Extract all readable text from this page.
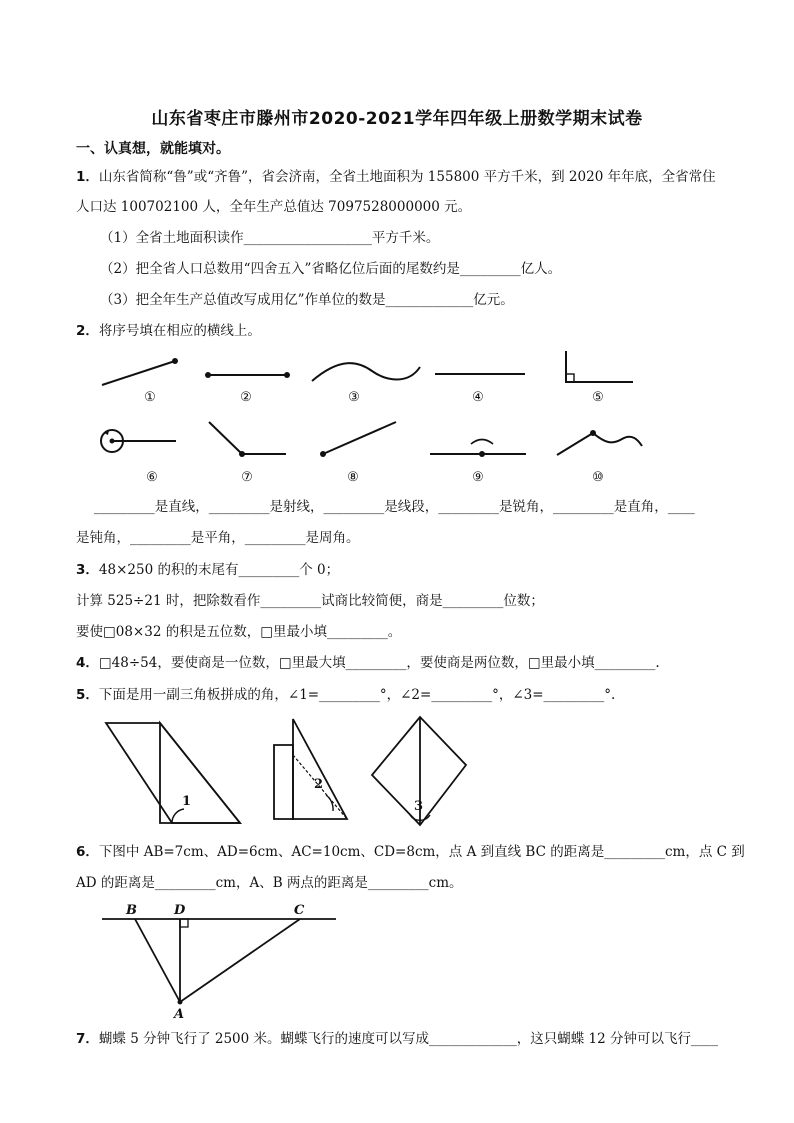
山东省枣庄市滕州市2020-2021学年四年级上册数学期末试卷
一、认真想，就能填对。
1．山东省简称“鲁”或“齐鲁”，省会济南，全省土地面积为 155800 平方千米，到 2020 年年底，全省常住
人口达 100702100 人，全年生产总值达 7097528000000 元。
（1）全省土地面积读作___________________平方千米。
（2）把全省人口总数用“四舍五入”省略亿位后面的尾数约是_________亿人。
（3）把全年生产总值改写成用亿”作单位的数是_____________亿元。
2．将序号填在相应的横线上。
①	②	③	④	⑤
⑥	⑦	⑧	⑨	⑩
_________是直线，_________是射线，_________是线段，_________是锐角，_________是直角，____
是钝角，_________是平角，_________是周角。
3．48×250 的积的末尾有_________个 0；
计算 525÷21 时，把除数看作_________试商比较简便，商是_________位数；
要使□08×32 的积是五位数，□里最小填_________。
4．□48÷54，要使商是一位数，□里最大填_________，要使商是两位数，□里最小填_________.
5．下面是用一副三角板拼成的角，∠1=_________°，∠2=_________°，∠3=_________°.
1
2
3
6．下图中 AB=7cm、AD=6cm、AC=10cm、CD=8cm，点 A 到直线 BC 的距离是_________cm，点 C 到
AD 的距离是_________cm，A、B 两点的距离是_________cm。
B	D	C
A
7．蝴蝶 5 分钟飞行了 2500 米。蝴蝶飞行的速度可以写成_____________，这只蝴蝶 12 分钟可以飞行____
